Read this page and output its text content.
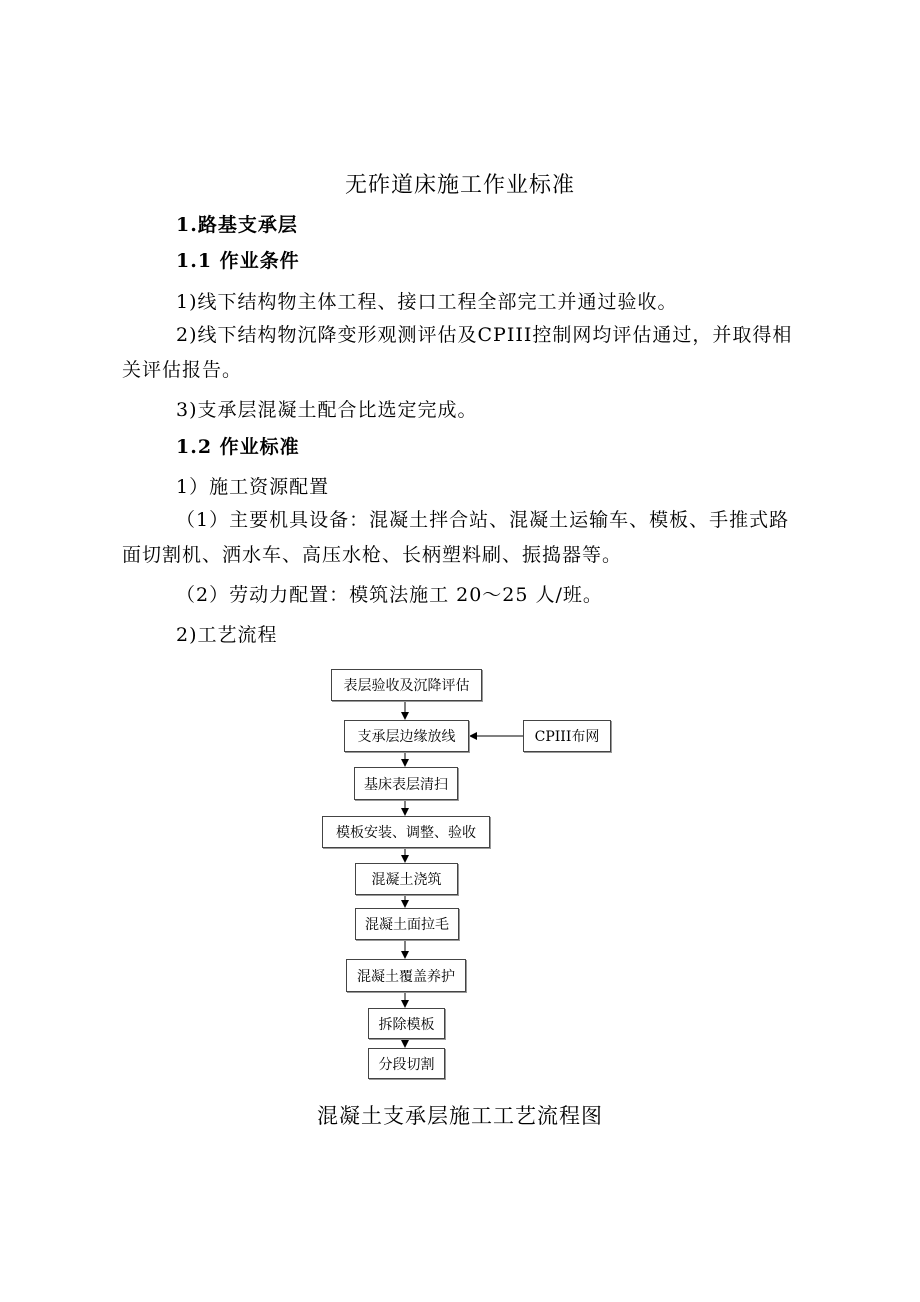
无砟道床施工作业标准
1.路基支承层
1.1 作业条件
1)线下结构物主体工程、接口工程全部完工并通过验收。
2)线下结构物沉降变形观测评估及CPIII控制网均评估通过，并取得相关评估报告。
3)支承层混凝土配合比选定完成。
1.2 作业标准
1）施工资源配置
（1）主要机具设备：混凝土拌合站、混凝土运输车、模板、手推式路面切割机、洒水车、高压水枪、长柄塑料刷、振捣器等。
（2）劳动力配置：模筑法施工 20～25 人/班。
2)工艺流程
表层验收及沉降评估
支承层边缘放线	CPIII布网
基床表层清扫
模板安装、调整、验收
混凝土浇筑
混凝土面拉毛
混凝土覆盖养护
拆除模板
分段切割
混凝土支承层施工工艺流程图
